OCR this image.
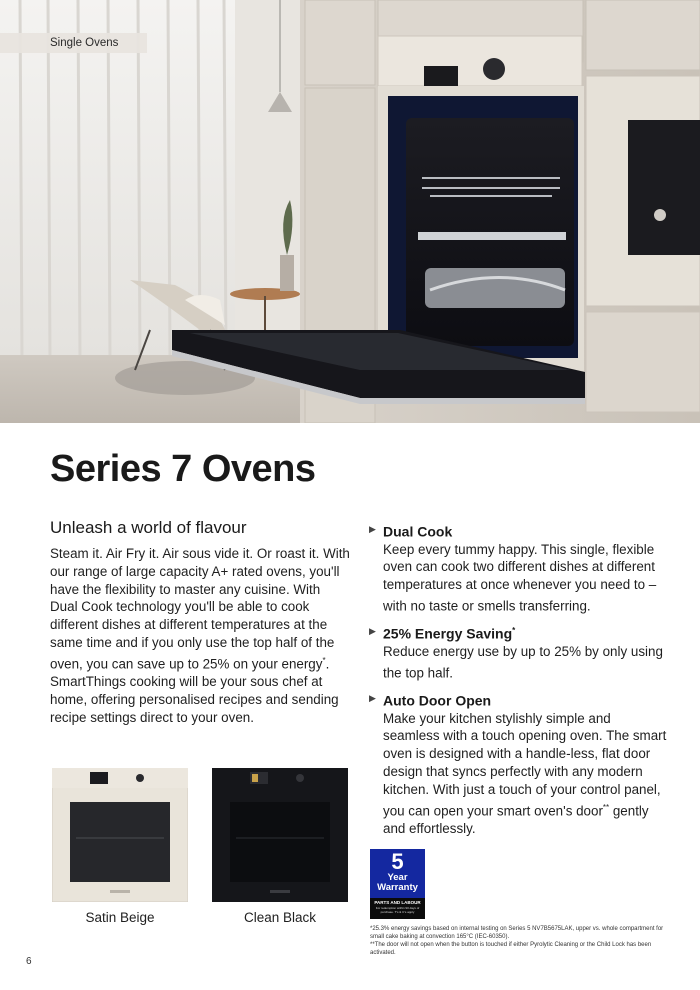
Single Ovens
Series 7 Ovens
Unleash a world of flavour

Steam it. Air Fry it. Air sous vide it. Or roast it. With our range of large capacity A+ rated ovens, you'll have the flexibility to master any cuisine. With Dual Cook technology you'll be able to cook different dishes at different temperatures at the same time and if you only use the top half of the oven, you can save up to 25% on your energy*. SmartThings cooking will be your sous chef at home, offering personalised recipes and sending recipe settings direct to your oven.

▶ Dual Cook

Keep every tummy happy. This single, flexible oven can cook two different dishes at different temperatures at once whenever you need to – with no taste or smells transferring.

▶ 25% Energy Saving*

Reduce energy use by up to 25% by only using the top half.

▶ Auto Door Open

Make your kitchen stylishly simple and seamless with a touch opening oven. The smart oven is designed with a handle-less, flat door design that syncs perfectly with any modern kitchen. With just a touch of your control panel, you can open your smart oven's door** gently and effortlessly.

Satin Beige	Clean Black
5
Year
Warranty
PARTS AND LABOUR
For redemption within 90 days of purchase. T's & C's apply

*25.3% energy savings based on internal testing on Series 5 NV7B5675LAK, upper vs. whole compartment for small cake baking at convection 165°C (IEC-60350).

**The door will not open when the button is touched if either Pyrolytic Cleaning or the Child Lock has been activated.

6
